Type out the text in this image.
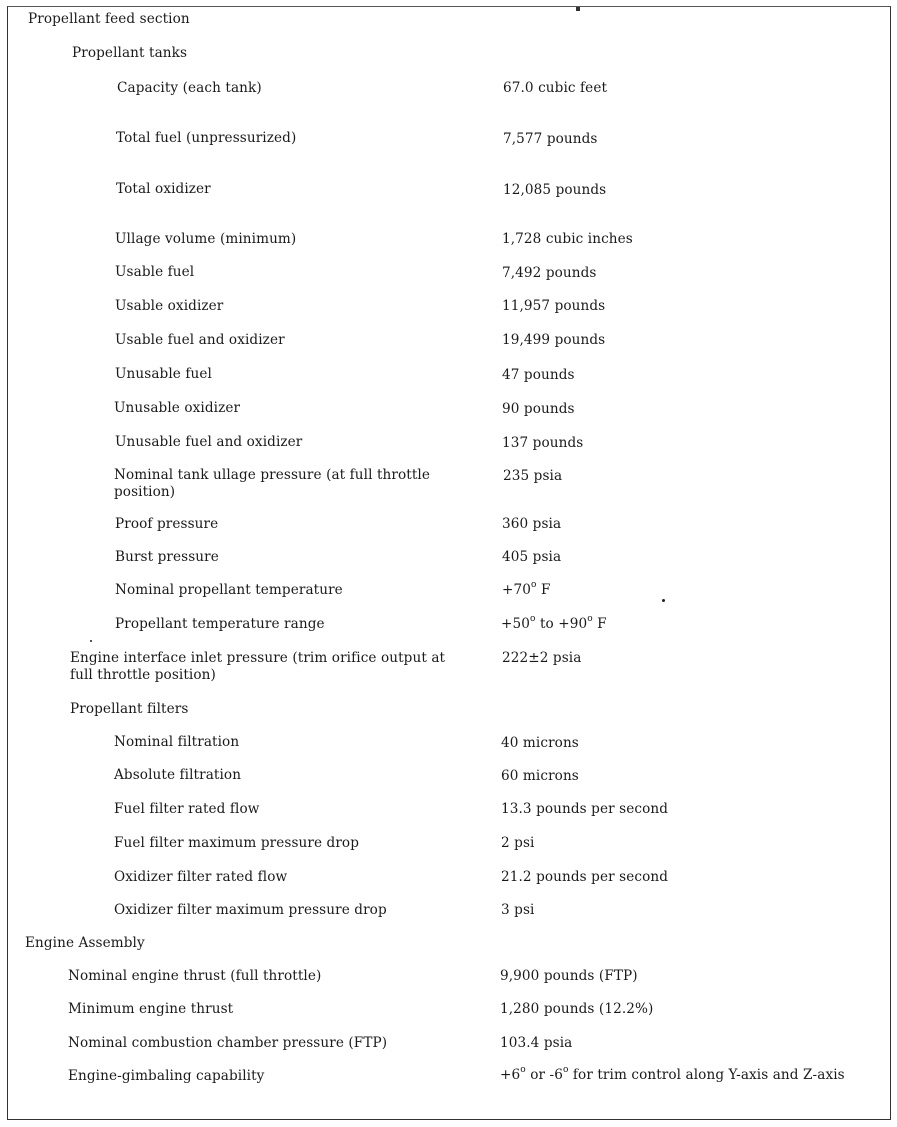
Propellant feed section
Propellant tanks
Capacity (each tank)	67.0 cubic feet
Total fuel (unpressurized)	7,577 pounds
Total oxidizer	12,085 pounds
Ullage volume (minimum)	1,728 cubic inches
Usable fuel	7,492 pounds
Usable oxidizer	11,957 pounds
Usable fuel and oxidizer	19,499 pounds
Unusable fuel	47 pounds
Unusable oxidizer	90 pounds
Unusable fuel and oxidizer	137 pounds
Nominal tank ullage pressure (at full throttle position)
235 psia
Proof pressure	360 psia
Burst pressure	405 psia
Nominal propellant temperature	$+70^o$ F
Propellant temperature range	$+50^o$ to $+90^o$ F
Engine interface inlet pressure (trim orifice output at full throttle position)
222±2 psia
Propellant filters
Nominal filtration	40 microns
Absolute filtration	60 microns
Fuel filter rated flow	13.3 pounds per second
Fuel filter maximum pressure drop	2 psi
Oxidizer filter rated flow	21.2 pounds per second
Oxidizer filter maximum pressure drop	3 psi
Engine Assembly
Nominal engine thrust (full throttle)	9,900 pounds (FTP)
Minimum engine thrust	1,280 pounds (12.2%)
Nominal combustion chamber pressure (FTP)	103.4 psia
Engine-gimbaling capability	$+6^o$ or -6$^o$ for trim control along Y-axis and Z-axis
